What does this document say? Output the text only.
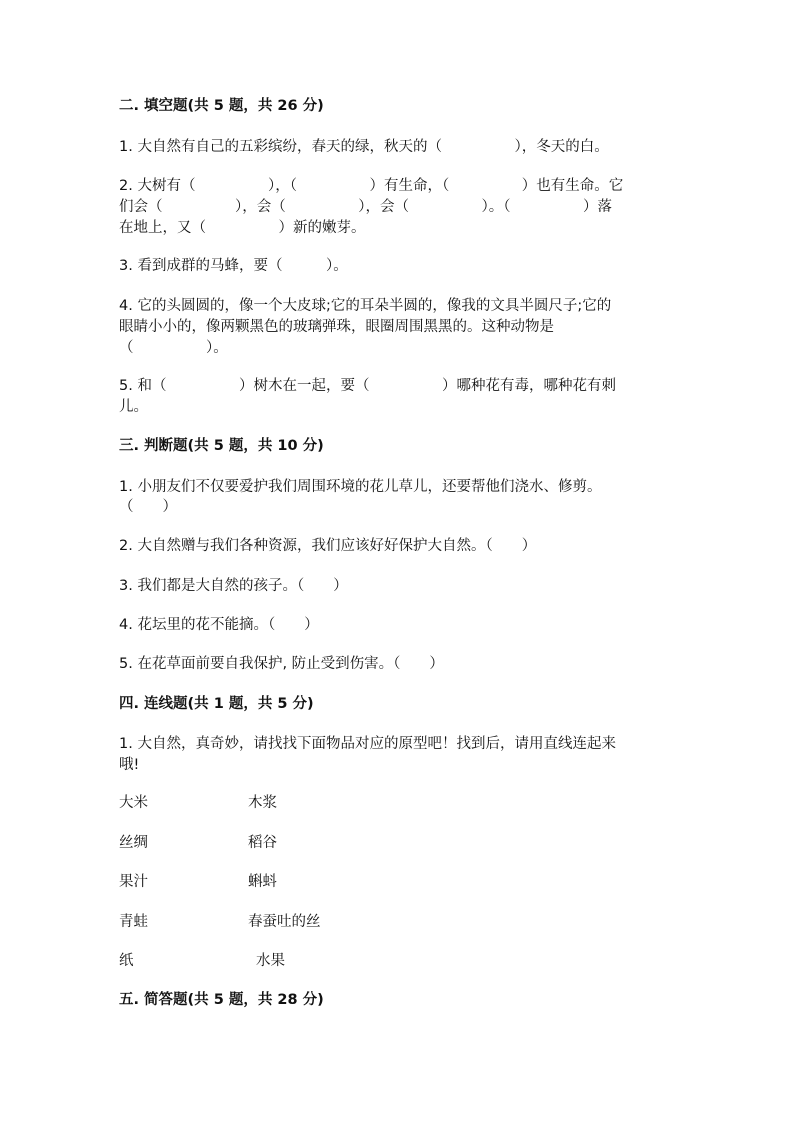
二. 填空题(共 5 题，共 26 分)
1. 大自然有自己的五彩缤纷，春天的绿，秋天的（　　　　　），冬天的白。
2. 大树有（　　　　　），（　　　　　）有生命，（　　　　　）也有生命。它
们会（　　　　　），会（　　　　　），会（　　　　　）。（　　　　　）落
在地上，又（　　　　　）新的嫩芽。
3. 看到成群的马蜂，要（　　　）。
4. 它的头圆圆的，像一个大皮球;它的耳朵半圆的，像我的文具半圆尺子;它的
眼睛小小的，像两颗黑色的玻璃弹珠，眼圈周围黑黑的。这种动物是
（　　　　　）。
5. 和（　　　　　）树木在一起，要（　　　　　）哪种花有毒，哪种花有刺
儿。
三. 判断题(共 5 题，共 10 分)
1. 小朋友们不仅要爱护我们周围环境的花儿草儿，还要帮他们浇水、修剪。
（　　）
2. 大自然赠与我们各种资源，我们应该好好保护大自然。（　　）
3. 我们都是大自然的孩子。（　　）
4. 花坛里的花不能摘。（　　）
5. 在花草面前要自我保护, 防止受到伤害。（　　）
四. 连线题(共 1 题，共 5 分)
1. 大自然，真奇妙，请找找下面物品对应的原型吧！找到后，请用直线连起来
哦!
大米	木浆
丝绸	稻谷
果汁	蝌蚪
青蛙	春蚕吐的丝
纸	水果
五. 简答题(共 5 题，共 28 分)
